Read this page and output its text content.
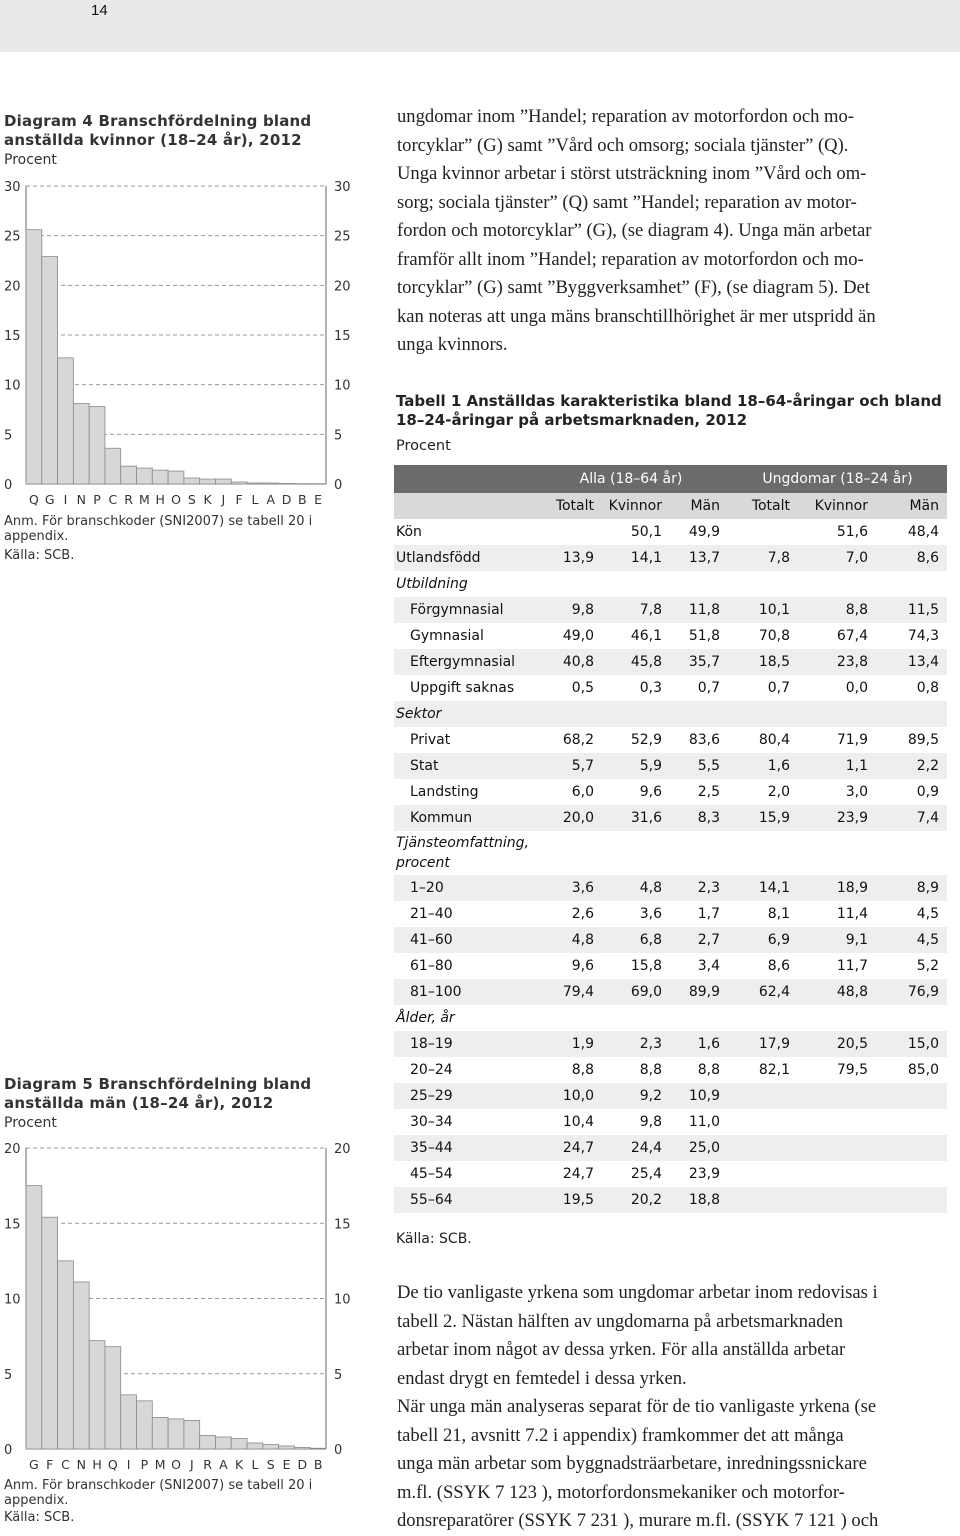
14
Diagram 4 Branschfördelning bland anställda kvinnor (18–24 år), 2012
Procent
0	0
5	5
10	10
15	15
20	20
25	25
30	30
Q G I N P C R M H O S K J F L A D B E
Anm. För branschkoder (SNI2007) se tabell 20 i appendix.
Källa: SCB.
Diagram 5 Branschfördelning bland anställda män (18–24 år), 2012
Procent
0	0
5	5
10	10
15	15
20	20
G F C N H Q I P M O J R A K L S E D B
Anm. För branschkoder (SNI2007) se tabell 20 i appendix.
Källa: SCB.

ungdomar inom ”Handel; reparation av motorfordon och mo-

torcyklar” (G) samt ”Vård och omsorg; sociala tjänster” (Q).

Unga kvinnor arbetar i störst utsträckning inom ”Vård och om-

sorg; sociala tjänster” (Q) samt ”Handel; reparation av motor-

fordon och motorcyklar” (G), (se diagram 4). Unga män arbetar

framför allt inom ”Handel; reparation av motorfordon och mo-

torcyklar” (G) samt ”Byggverksamhet” (F), (se diagram 5). Det

kan noteras att unga mäns branschtillhörighet är mer utspridd än

unga kvinnors.

Tabell 1 Anställdas karakteristika bland 18–64-åringar och bland 18–24-åringar på arbetsmarknaden, 2012
Procent
	Alla (18–64 år)			Ungdomar (18–24 år)		
	Totalt	Kvinnor	Män	Totalt	Kvinnor	Män
Kön		50,1	49,9		51,6	48,4
Utlandsfödd	13,9	14,1	13,7	7,8	7,0	8,6
Utbildning						
Förgymnasial	9,8	7,8	11,8	10,1	8,8	11,5
Gymnasial	49,0	46,1	51,8	70,8	67,4	74,3
Eftergymnasial	40,8	45,8	35,7	18,5	23,8	13,4
Uppgift saknas	0,5	0,3	0,7	0,7	0,0	0,8
Sektor						
Privat	68,2	52,9	83,6	80,4	71,9	89,5
Stat	5,7	5,9	5,5	1,6	1,1	2,2
Landsting	6,0	9,6	2,5	2,0	3,0	0,9
Kommun	20,0	31,6	8,3	15,9	23,9	7,4
Tjänsteomfattning, procent						
1–20	3,6	4,8	2,3	14,1	18,9	8,9
21–40	2,6	3,6	1,7	8,1	11,4	4,5
41–60	4,8	6,8	2,7	6,9	9,1	4,5
61–80	9,6	15,8	3,4	8,6	11,7	5,2
81–100	79,4	69,0	89,9	62,4	48,8	76,9
Ålder, år						
18–19	1,9	2,3	1,6	17,9	20,5	15,0
20–24	8,8	8,8	8,8	82,1	79,5	85,0
25–29	10,0	9,2	10,9			
30–34	10,4	9,8	11,0			
35–44	24,7	24,4	25,0			
45–54	24,7	25,4	23,9			
55–64	19,5	20,2	18,8			
Källa: SCB.

De tio vanligaste yrkena som ungdomar arbetar inom redovisas i

tabell 2. Nästan hälften av ungdomarna på arbetsmarknaden

arbetar inom något av dessa yrken. För alla anställda arbetar

endast drygt en femtedel i dessa yrken.

När unga män analyseras separat för de tio vanligaste yrkena (se

tabell 21, avsnitt 7.2 i appendix) framkommer det att många

unga män arbetar som byggnadsträarbetare, inredningssnickare

m.fl. (SSYK 7 123 ), motorfordonsmekaniker och motorfor-

donsreparatörer (SSYK 7 231 ), murare m.fl. (SSYK 7 121 ) och
